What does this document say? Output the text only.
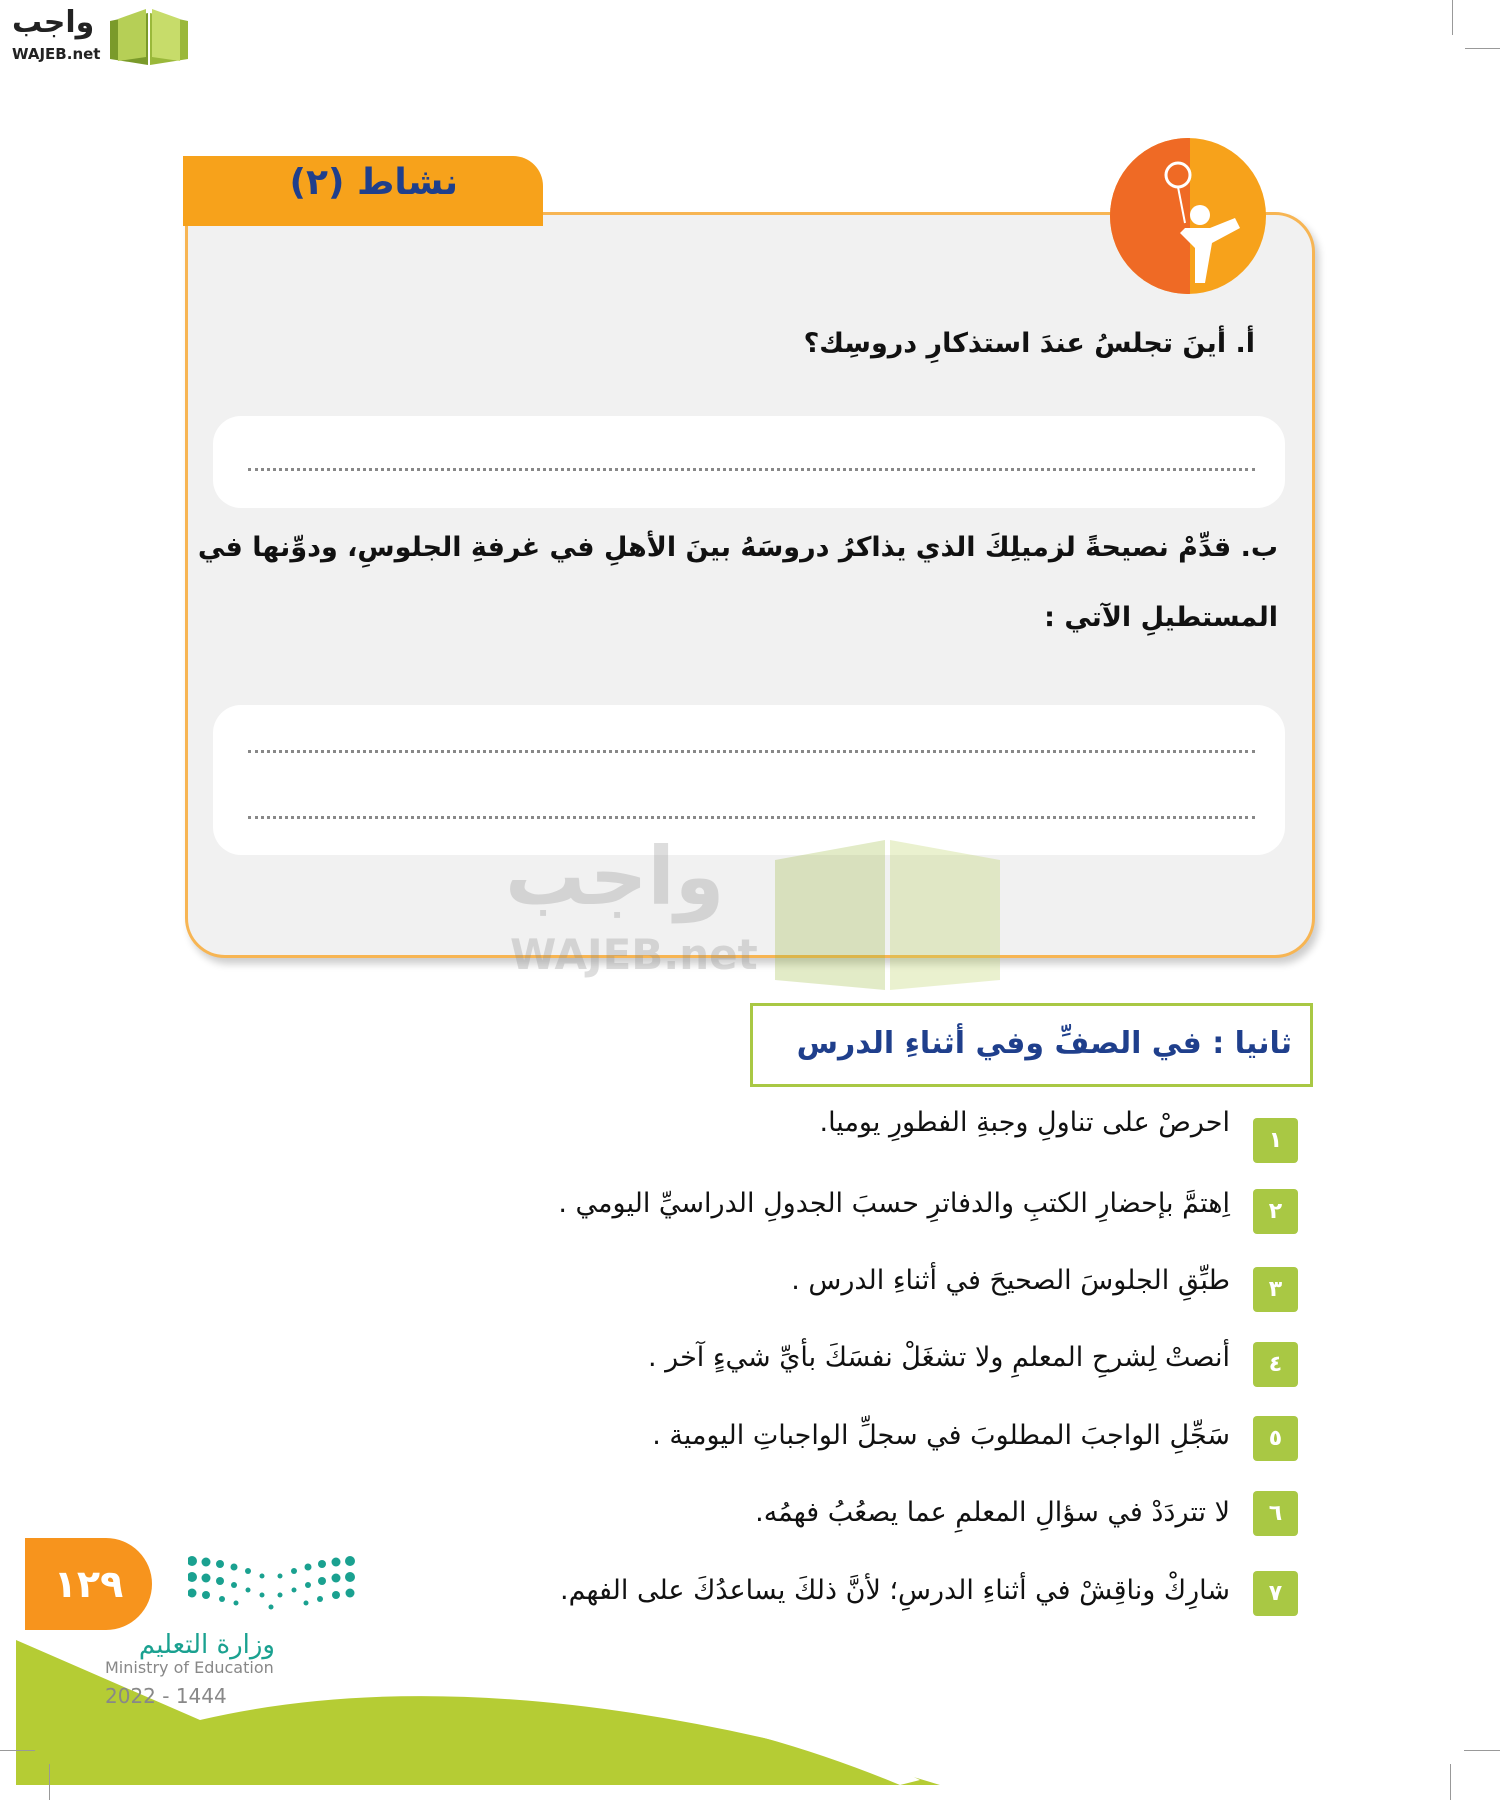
واجب
WAJEB.net
نشاط (٢)
أ. أينَ تجلسُ عندَ استذكارِ دروسِك؟
ب. قدِّمْ نصيحةً لزميلِكَ الذي يذاكرُ دروسَهُ بينَ الأهلِ في غرفةِ الجلوسِ، ودوِّنها في
المستطيلِ الآتي :
واجب
WAJEB.net
ثانيا : في الصفِّ وفي أثناءِ الدرس
١
احرصْ على تناولِ وجبةِ الفطورِ يوميا.
٢
اِهتمَّ بإحضارِ الكتبِ والدفاترِ حسبَ الجدولِ الدراسيِّ اليومي .
٣
طبِّقِ الجلوسَ الصحيحَ في أثناءِ الدرس .
٤
أنصتْ لِشرحِ المعلمِ ولا تشغَلْ نفسَكَ بأيِّ شيءٍ آخر .
٥
سَجِّلِ الواجبَ المطلوبَ في سجلِّ الواجباتِ اليومية .
٦
لا تتردَدْ في سؤالِ المعلمِ عما يصعُبُ فهمُه.
٧
شارِكْ وناقِشْ في أثناءِ الدرسِ؛ لأنَّ ذلكَ يساعدُكَ على الفهم.
١٢٩
وزارة التعليم
Ministry of Education
2022 - 1444
